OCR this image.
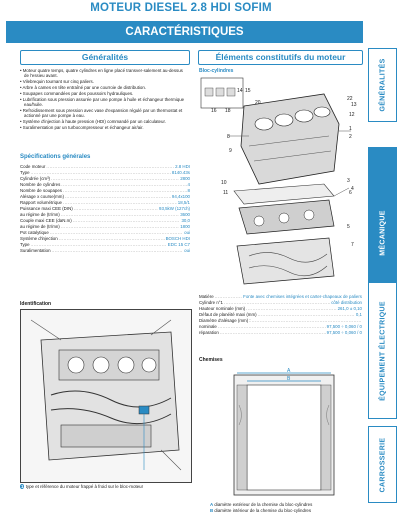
MOTEUR DIESEL 2.8 HDI SOFIM
CARACTÉRISTIQUES
GÉNÉRALITÉS
MÉCANIQUE
ÉQUIPEMENT ÉLECTRIQUE
CARROSSERIE
Généralités	Éléments constitutifs du moteur
• Moteur quatre temps, quatre cylindres en ligne placé transver-salement au-dessus de l'essieu avant.
• Vilebrequin tournant sur cinq paliers.
• Arbre à cames en tête entraîné par une courroie de distribution.
• Soupapes commandées par des poussoirs hydrauliques.
• Lubrification sous pression assurée par une pompe à huile et échangeur thermique eau/huile.
• Refroidissement sous pression avec vase d'expansion régulé par un thermostat et actionné par une pompe à eau.
• Système d'injection à haute pression (HDI) commandé par un calculateur.
• Suralimentation par un turbocompresseur et échangeur air/air.
Spécifications générales
Code moteur .....	2.8 HDI
Type .....	8140.43s
Cylindrée (cm³) .....	2800
Nombre de cylindres .....	4
Nombre de soupapes .....	8
Alésage x course(mm) .....	94,4x100
Rapport volumétrique .....	18,5/1
Puissance maxi CEE (DIN) .....	93,5kW (127ch)
au régime de (tr/mn) .....	3600
Couple maxi CEE (daN.m) .....	30,0
au régime de (tr/mn) .....	1800
Pot catalytique .....	oui
Système d'injection .....	BOSCH HDI
Type .....	EDC 15 C7
Suralimentation .....	oui
Identification
1 type et référence du moteur frappé à froid sur le bloc-moteur
Bloc-cylindres
1
2
3
4
5
6
7
8
9
10
11
12
13
14 15
16 18
20
22
Matière .....	Fonte avec chemises intégrées et carter-chapeaux de paliers
Cylindre n°1 .....	côté distribution
Hauteur nominale (mm) .....	261,0 ± 0,10
Défaut de planéité maxi (mm) .....	0,1
Diamètre d'alésage (mm) :
.....
nominale .....	97,500 ÷ 0,060 / 0
réparation .....	97,500 ÷ 0,060 / 0
Chemises
A
B
A diamètre extérieur de la chemise du bloc-cylindres
B diamètre intérieur de la chemise du bloc-cylindres
